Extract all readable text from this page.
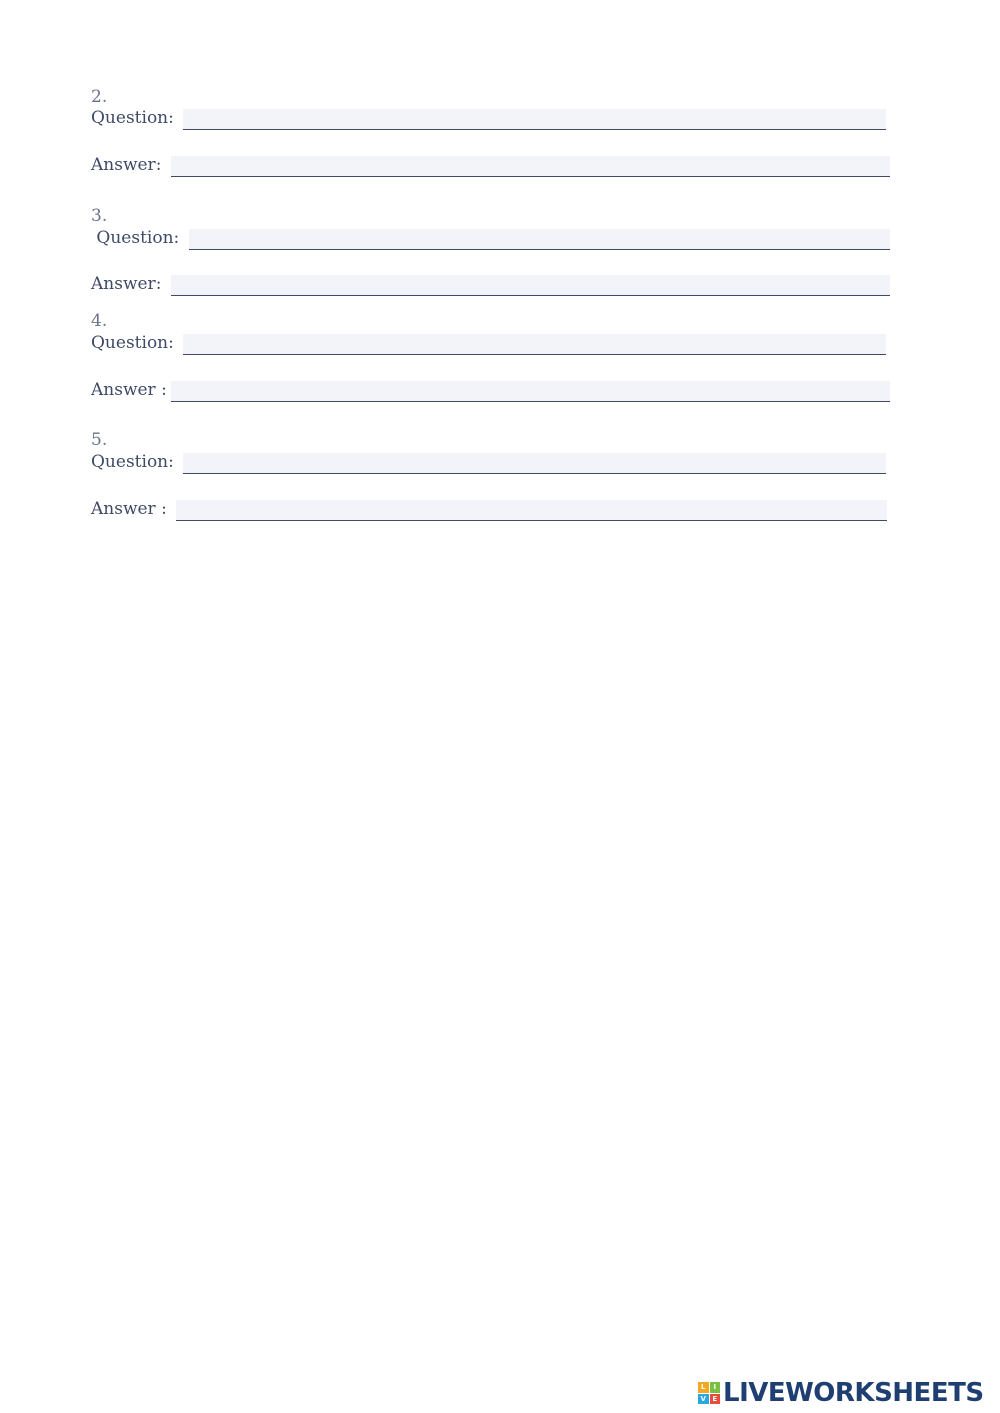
2.
Question:
Answer:
3.
Question:
Answer:
4.
Question:
Answer :
5.
Question:
Answer :
L	I
V E LIVEWORKSHEETS
